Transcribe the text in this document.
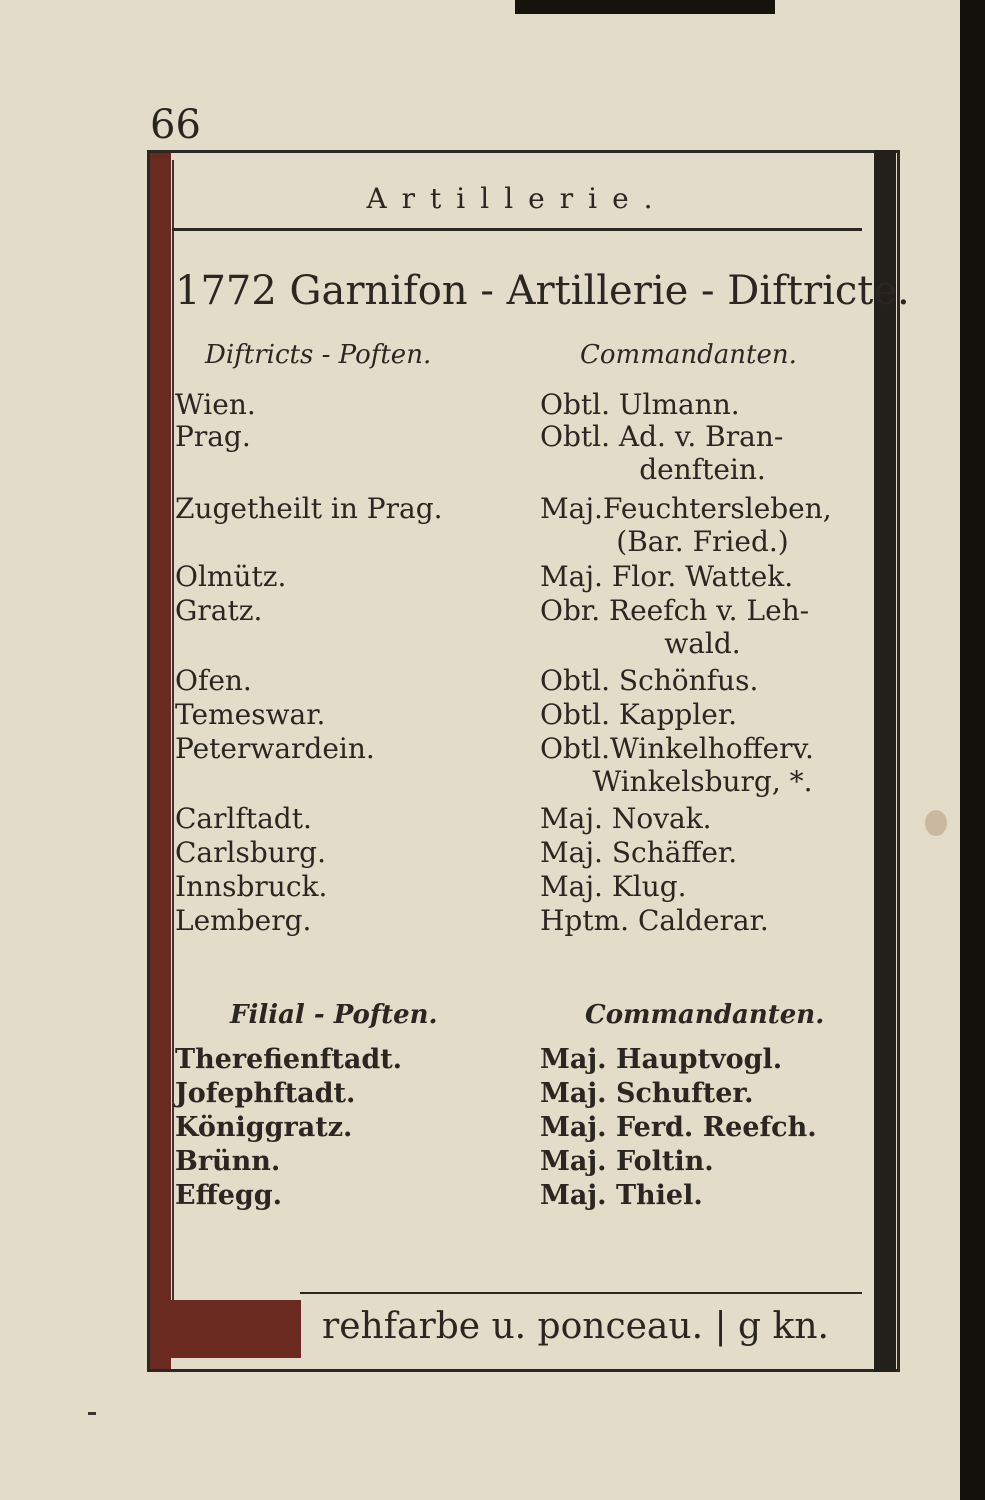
66
Artillerie.
1772 Garnifon - Artillerie - Diftricte.
Diftricts - Poften.	Commandanten.
Wien.	Obtl. Ulmann.
Prag.	Obtl. Ad. v. Bran-
denftein.
Zugetheilt in Prag.	Maj.Feuchtersleben,
(Bar. Fried.)
Olmütz.	Maj. Flor. Wattek.
Gratz.	Obr. Reefch v. Leh-
wald.
Ofen.	Obtl. Schönfus.
Temeswar.	Obtl. Kappler.
Peterwardein.	Obtl.Winkelhofferv.
Winkelsburg, *.
Carlftadt.	Maj. Novak.
Carlsburg.	Maj. Schäffer.
Innsbruck.	Maj. Klug.
Lemberg.	Hptm. Calderar.
Filial - Poften.	Commandanten.
Therefienftadt.	Maj. Hauptvogl.
Jofephftadt.	Maj. Schufter.
Königgratz.	Maj. Ferd. Reefch.
Brünn.	Maj. Foltin.
Effegg.	Maj. Thiel.
rehfarbe u. ponceau. | g kn.
